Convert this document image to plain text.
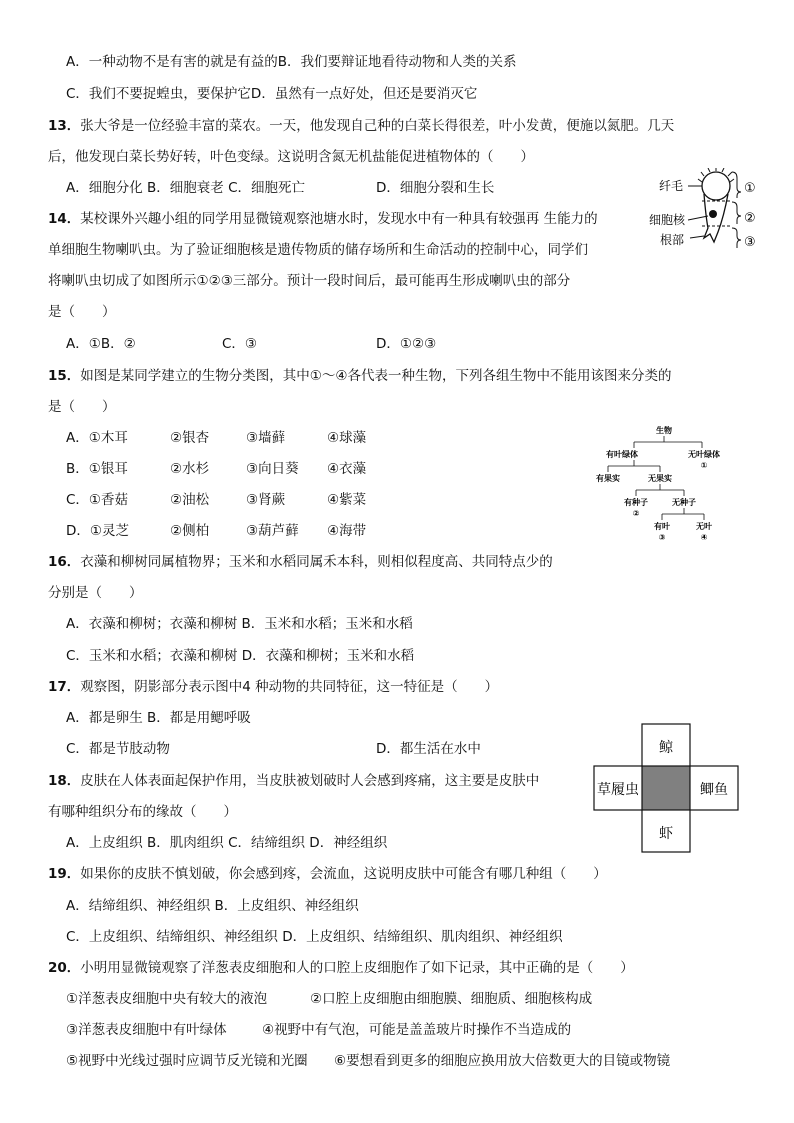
A．一种动物不是有害的就是有益的B．我们要辩证地看待动物和人类的关系
C．我们不要捉蝗虫，要保护它D．虽然有一点好处，但还是要消灭它
13．张大爷是一位经验丰富的菜农。一天，他发现自己种的白菜长得很差，叶小发黄，便施以氮肥。几天
后，他发现白菜长势好转，叶色变绿。这说明含氮无机盐能促进植物体的（　　）
A．细胞分化 B．细胞衰老 C．细胞死亡	D．细胞分裂和生长
14．某校课外兴趣小组的同学用显微镜观察池塘水时，发现水中有一种具有较强再 生能力的
单细胞生物喇叭虫。为了验证细胞核是遗传物质的储存场所和生命活动的控制中心，同学们
将喇叭虫切成了如图所示①②③三部分。预计一段时间后，最可能再生形成喇叭虫的部分
是（　　）
A．①B．②	C．③	D．①②③
纤毛
细胞核
根部
①
②
③
15．如图是某同学建立的生物分类图，其中①～④各代表一种生物，下列各组生物中不能用该图来分类的
是（　　）
A．①木耳	②银杏	③墙藓	④球藻
B．①银耳	②水杉	③向日葵 ④衣藻
C．①香菇	②油松	③肾蕨	④紫菜
D．①灵芝	②侧柏	③葫芦藓 ④海带
生物
有叶绿体	无叶绿体
①
有果实	无果实
有种子
②
无种子
有叶
③
无叶
④
16．衣藻和柳树同属植物界；玉米和水稻同属禾本科，则相似程度高、共同特点少的
分别是（　　）
A．衣藻和柳树；衣藻和柳树 B．玉米和水稻；玉米和水稻
C．玉米和水稻；衣藻和柳树 D．衣藻和柳树；玉米和水稻
17．观察图，阴影部分表示图中4 种动物的共同特征，这一特征是（　　）
A．都是卵生 B．都是用鳃呼吸
C．都是节肢动物	D．都生活在水中	鲸
草履虫	鲫鱼
虾
18．皮肤在人体表面起保护作用，当皮肤被划破时人会感到疼痛，这主要是皮肤中
有哪种组织分布的缘故（　　）
A．上皮组织 B．肌肉组织 C．结缔组织 D．神经组织
19．如果你的皮肤不慎划破，你会感到疼，会流血，这说明皮肤中可能含有哪几种组（　　）
A．结缔组织、神经组织 B．上皮组织、神经组织
C．上皮组织、结缔组织、神经组织 D．上皮组织、结缔组织、肌肉组织、神经组织
20．小明用显微镜观察了洋葱表皮细胞和人的口腔上皮细胞作了如下记录，其中正确的是（　　）
①洋葱表皮细胞中央有较大的液泡	②口腔上皮细胞由细胞膜、细胞质、细胞核构成
③洋葱表皮细胞中有叶绿体	④视野中有气泡，可能是盖盖玻片时操作不当造成的
⑤视野中光线过强时应调节反光镜和光圈 ⑥要想看到更多的细胞应换用放大倍数更大的目镜或物镜
